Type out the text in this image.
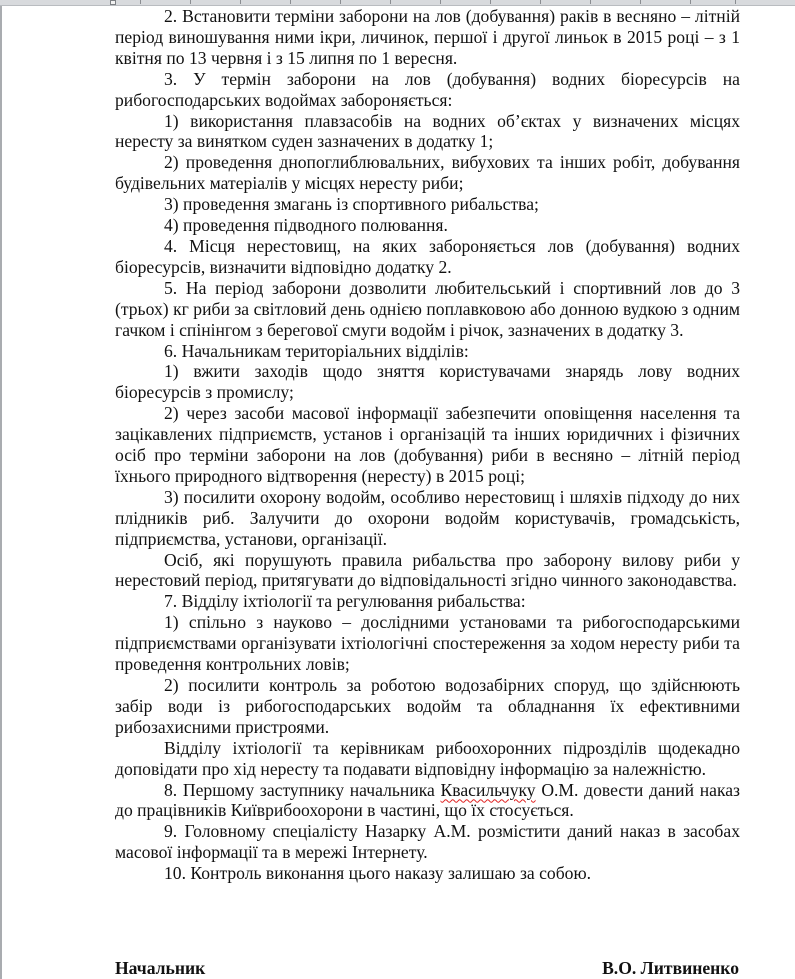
2. Встановити терміни заборони на лов (добування) раків в весняно – літній період виношування ними ікри, личинок, першої і другої линьок в 2015 році – з 1 квітня по 13 червня і з 15 липня по 1 вересня.

3. У термін заборони на лов (добування) водних біоресурсів на рибогосподарських водоймах забороняється:

1) використання плавзасобів на водних об’єктах у визначених місцях нересту за винятком суден зазначених в додатку 1;

2) проведення днопоглиблювальних, вибухових та інших робіт, добування будівельних матеріалів у місцях нересту риби;

3) проведення змагань із спортивного рибальства;

4) проведення підводного полювання.

4. Місця нерестовищ, на яких забороняється лов (добування) водних біоресурсів, визначити відповідно додатку 2.

5. На період заборони дозволити любительський і спортивний лов до 3 (трьох) кг риби за світловий день однією поплавковою або донною вудкою з одним гачком і спінінгом з берегової смуги водойм і річок, зазначених в додатку 3.

6. Начальникам територіальних відділів:

1) вжити заходів щодо зняття користувачами знарядь лову водних біоресурсів з промислу;

2) через засоби масової інформації забезпечити оповіщення населення та зацікавлених підприємств, установ і організацій та інших юридичних і фізичних осіб про терміни заборони на лов (добування) риби в весняно – літній період їхнього природного відтворення (нересту) в 2015 році;

3) посилити охорону водойм, особливо нерестовищ і шляхів підходу до них плідників риб. Залучити до охорони водойм користувачів, громадськість, підприємства, установи, організації.

Осіб, які порушують правила рибальства про заборону вилову риби у нерестовий період, притягувати до відповідальності згідно чинного законодавства.

7. Відділу іхтіології та регулювання рибальства:

1) спільно з науково – дослідними установами та рибогосподарськими підприємствами організувати іхтіологічні спостереження за ходом нересту риби та проведення контрольних ловів;

2) посилити контроль за роботою водозабірних споруд, що здійснюють забір води із рибогосподарських водойм та обладнання їх ефективними рибозахисними пристроями.

Відділу іхтіології та керівникам рибоохоронних підрозділів щодекадно доповідати про хід нересту та подавати відповідну інформацію за належністю.

8. Першому заступнику начальника Квасильчуку О.М. довести даний наказ до працівників Київрибоохорони в частині, що їх стосується.

9. Головному спеціалісту Назарку А.М. розмістити даний наказ в засобах масової інформації та в мережі Інтернету.

10. Контроль виконання цього наказу залишаю за собою.

Начальник	В.О. Литвиненко
